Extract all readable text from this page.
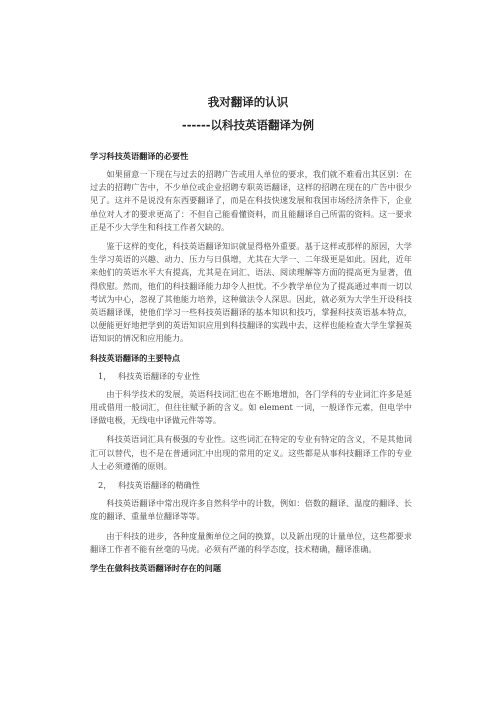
我对翻译的认识
------以科技英语翻译为例
学习科技英语翻译的必要性

如果留意一下现在与过去的招聘广告或用人单位的要求，我们就不难看出其区别：在过去的招聘广告中，不少单位或企业招聘专职英语翻译，这样的招聘在现在的广告中很少见了。这并不是说没有东西要翻译了，而是在科技快速发展和我国市场经济条件下，企业单位对人才的要求更高了：不但自己能看懂资料，而且能翻译自己所需的资料。这一要求正是不少大学生和科技工作者欠缺的。

鉴于这样的变化，科技英语翻译知识就显得格外重要。基于这样或那样的原因，大学生学习英语的兴趣、动力、压力与日俱增，尤其在大学一、二年级更是如此。因此，近年来他们的英语水平大有提高，尤其是在词汇、语法、阅读理解等方面的提高更为显著，值得欣慰。然而，他们的科技翻译能力却令人担忧。不少教学单位为了提高通过率而一切以考试为中心，忽视了其他能力培养，这种做法令人深思。因此，就必须为大学生开设科技英语翻译课，使他们学习一些科技英语翻译的基本知识和技巧，掌握科技英语基本特点，以便能更好地把学到的英语知识应用到科技翻译的实践中去，这样也能检查大学生掌握英语知识的情况和应用能力。

科技英语翻译的主要特点
1， 科技英语翻译的专业性

由于科学技术的发展，英语科技词汇也在不断地增加，各门学科的专业词汇许多是延用或借用一般词汇，但往往赋予新的含义。如 element 一词，一般译作元素，但电学中译做电极，无线电中译做元件等等。

科技英语词汇具有极强的专业性。这些词汇在特定的专业有特定的含义，不是其他词汇可以替代，也不是在普通词汇中出现的常用的定义。这些都是从事科技翻译工作的专业人士必须遵循的原则。

2， 科技英语翻译的精确性

科技英语翻译中常出现许多自然科学中的计数，例如：倍数的翻译、温度的翻译、长度的翻译、重量单位翻译等等。

由于科技的进步，各种度量衡单位之间的换算，以及新出现的计量单位，这些都要求翻译工作者不能有丝毫的马虎。必须有严谨的科学态度，技术精确，翻译准确。

学生在做科技英语翻译时存在的问题
